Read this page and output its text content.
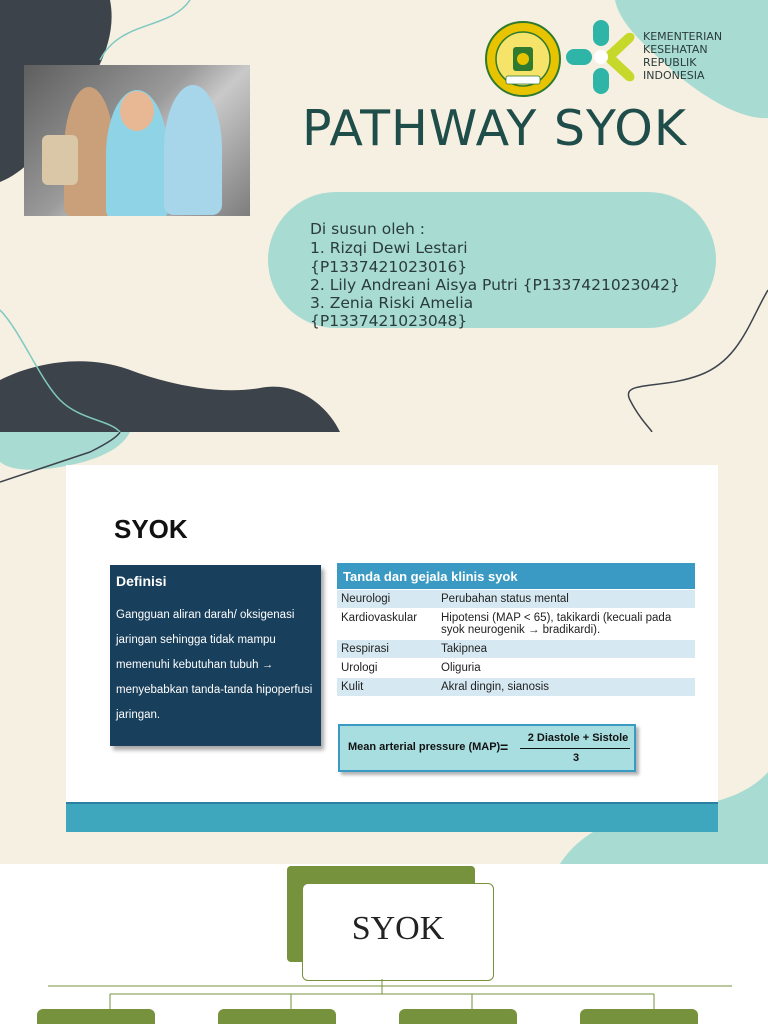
KEMENTERIAN
KESEHATAN
REPUBLIK
INDONESIA
PATHWAY SYOK
Di susun oleh :
1. Rizqi Dewi Lestari
{P1337421023016}
2. Lily Andreani Aisya Putri {P1337421023042}
3. Zenia Riski Amelia
{P1337421023048}
SYOK
Definisi
Gangguan aliran darah/ oksigenasi jaringan sehingga tidak mampu memenuhi kebutuhan tubuh → menyebabkan tanda-tanda hipoperfusi jaringan.
Tanda dan gejala klinis syok	
Neurologi	Perubahan status mental
Kardiovaskular	Hipotensi (MAP < 65), takikardi (kecuali pada syok neurogenik → bradikardi).
Respirasi	Takipnea
Urologi	Oliguria
Kulit	Akral dingin, sianosis
Mean arterial pressure (MAP) =
2 Diastole + Sistole
3
SYOK
